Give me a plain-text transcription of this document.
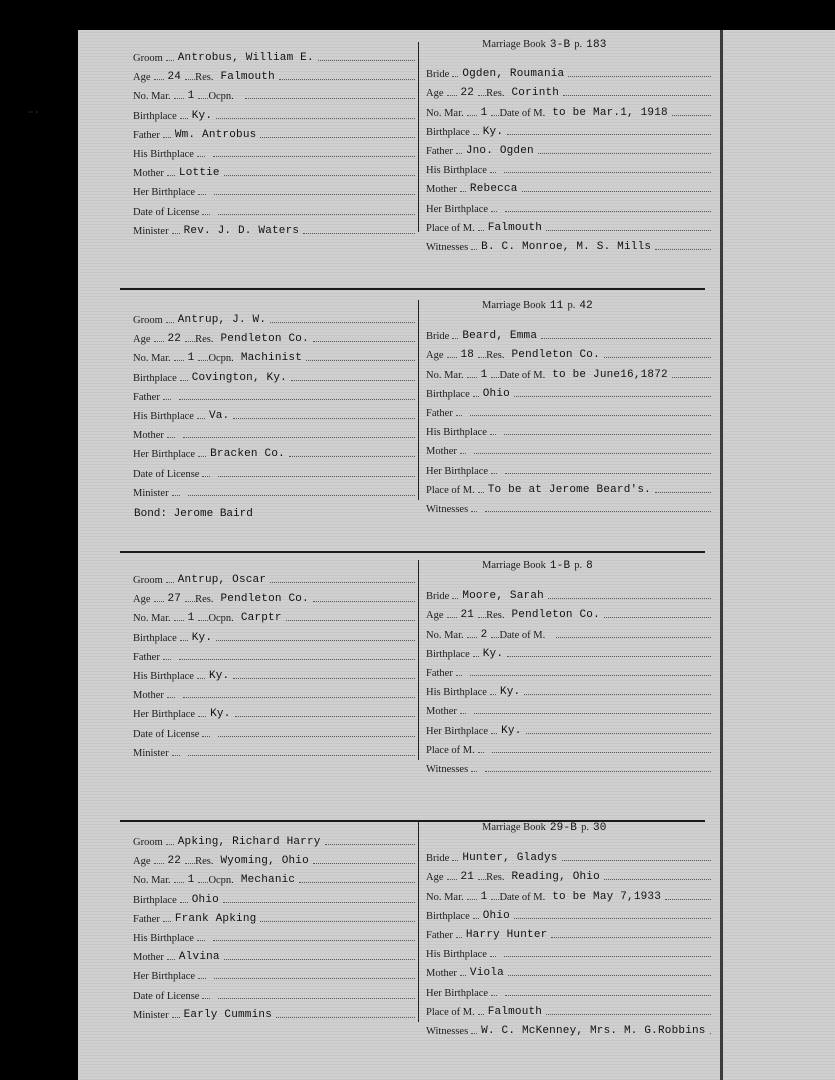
·· ·
Groom	Antrobus, William E.
Age	24	Res. Falmouth
No. Mar.	1	Ocpn.
Birthplace	Ky.
Father	Wm. Antrobus
His Birthplace
Mother	Lottie
Her Birthplace
Date of License
Minister	Rev. J. D. Waters
Marriage Book 3-B p. 183
Bride	Ogden, Roumania
Age	22	Res. Corinth
No. Mar.	1	Date of M. to be Mar.1, 1918
Birthplace	Ky.
Father	Jno. Ogden
His Birthplace
Mother	Rebecca
Her Birthplace
Place of M.	Falmouth
Witnesses	B. C. Monroe, M. S. Mills
Groom	Antrup, J. W.
Age	22	Res. Pendleton Co.
No. Mar.	1	Ocpn. Machinist
Birthplace	Covington, Ky.
Father
His Birthplace	Va.
Mother
Her Birthplace	Bracken Co.
Date of License
Minister
Marriage Book 11 p. 42
Bride	Beard, Emma
Age	18	Res. Pendleton Co.
No. Mar.	1	Date of M. to be June16,1872
Birthplace	Ohio
Father
His Birthplace
Mother
Her Birthplace
Place of M.	To be at Jerome Beard's.
Witnesses
Bond: Jerome Baird
Groom	Antrup, Oscar
Age	27	Res. Pendleton Co.
No. Mar.	1	Ocpn. Carptr
Birthplace	Ky.
Father
His Birthplace	Ky.
Mother
Her Birthplace	Ky.
Date of License
Minister
Marriage Book 1-B p. 8
Bride	Moore, Sarah
Age	21	Res. Pendleton Co.
No. Mar.	2	Date of M.
Birthplace	Ky.
Father
His Birthplace	Ky.
Mother
Her Birthplace	Ky.
Place of M.
Witnesses
Groom	Apking, Richard Harry
Age	22	Res. Wyoming, Ohio
No. Mar.	1	Ocpn. Mechanic
Birthplace	Ohio
Father	Frank Apking
His Birthplace
Mother	Alvina
Her Birthplace
Date of License
Minister	Early Cummins
Marriage Book 29-B p. 30
Bride	Hunter, Gladys
Age	21	Res. Reading, Ohio
No. Mar.	1	Date of M. to be May 7,1933
Birthplace	Ohio
Father	Harry Hunter
His Birthplace
Mother	Viola
Her Birthplace
Place of M.	Falmouth
Witnesses	W. C. McKenney, Mrs. M. G.Robbins
